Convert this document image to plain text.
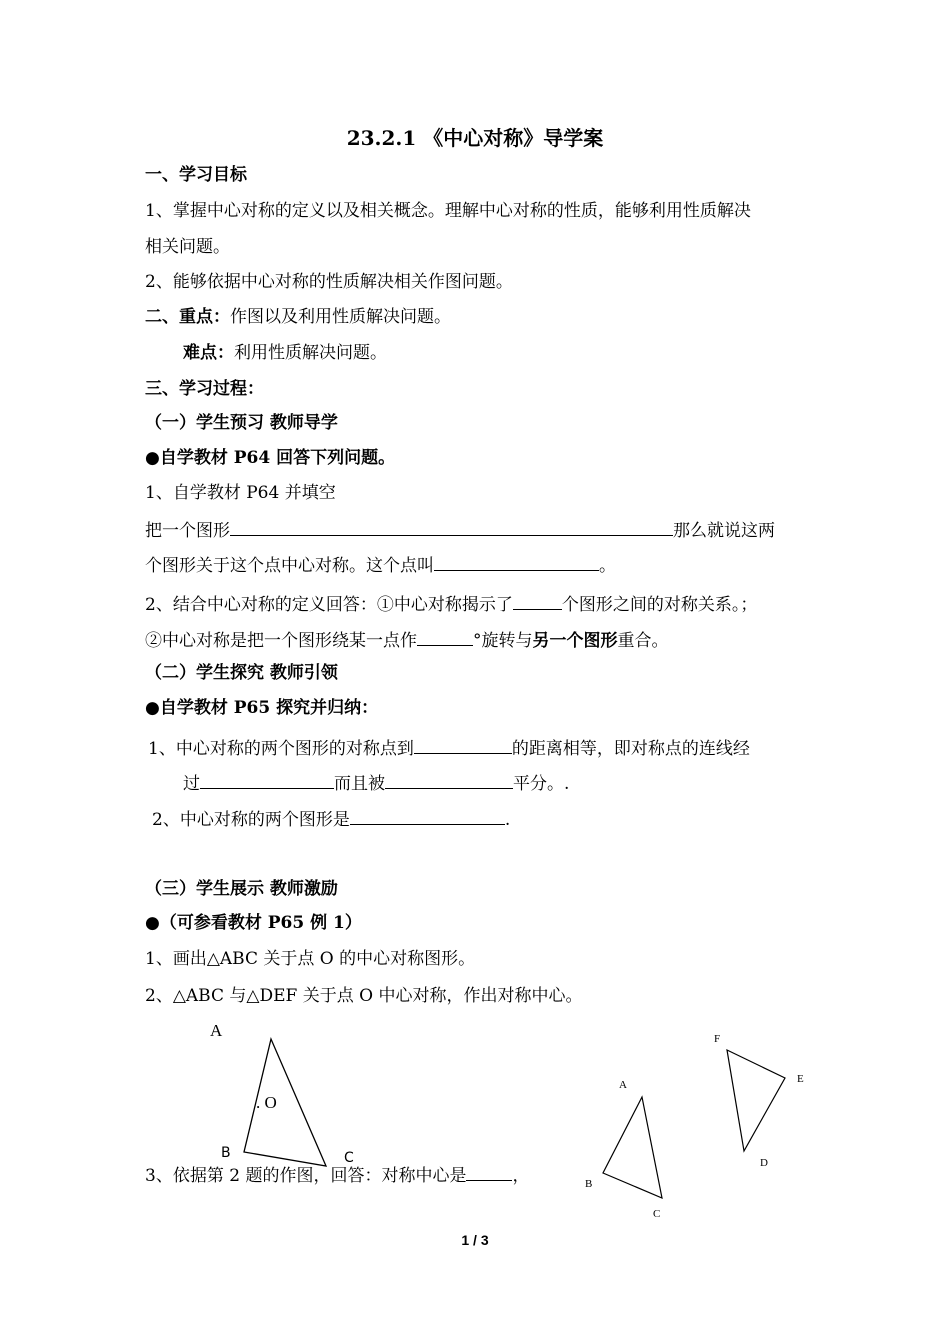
23.2.1 《中心对称》导学案
一、学习目标
1、掌握中心对称的定义以及相关概念。理解中心对称的性质，能够利用性质解决
相关问题。
2、能够依据中心对称的性质解决相关作图问题。
二、重点：作图以及利用性质解决问题。
难点：利用性质解决问题。
三、学习过程：
（一）学生预习 教师导学
●自学教材 P64 回答下列问题。
1、自学教材 P64 并填空
把一个图形	那么就说这两
个图形关于这个点中心对称。这个点叫	。
2、结合中心对称的定义回答：①中心对称揭示了	个图形之间的对称关系。；
②中心对称是把一个图形绕某一点作	°旋转与另一个图形重合。
（二）学生探究 教师引领
●自学教材 P65 探究并归纳：
1、中心对称的两个图形的对称点到	的距离相等，即对称点的连线经
过	而且被	平分。.
2、中心对称的两个图形是	.
（三）学生展示 教师激励
●（可参看教材 P65 例 1）
1、画出△ABC 关于点 O 的中心对称图形。
2、△ABC 与△DEF 关于点 O 中心对称，作出对称中心。
A
B	C
. O
A
B
C
D
E
F
3、依据第 2 题的作图，回答：对称中心是	，
1 / 3
